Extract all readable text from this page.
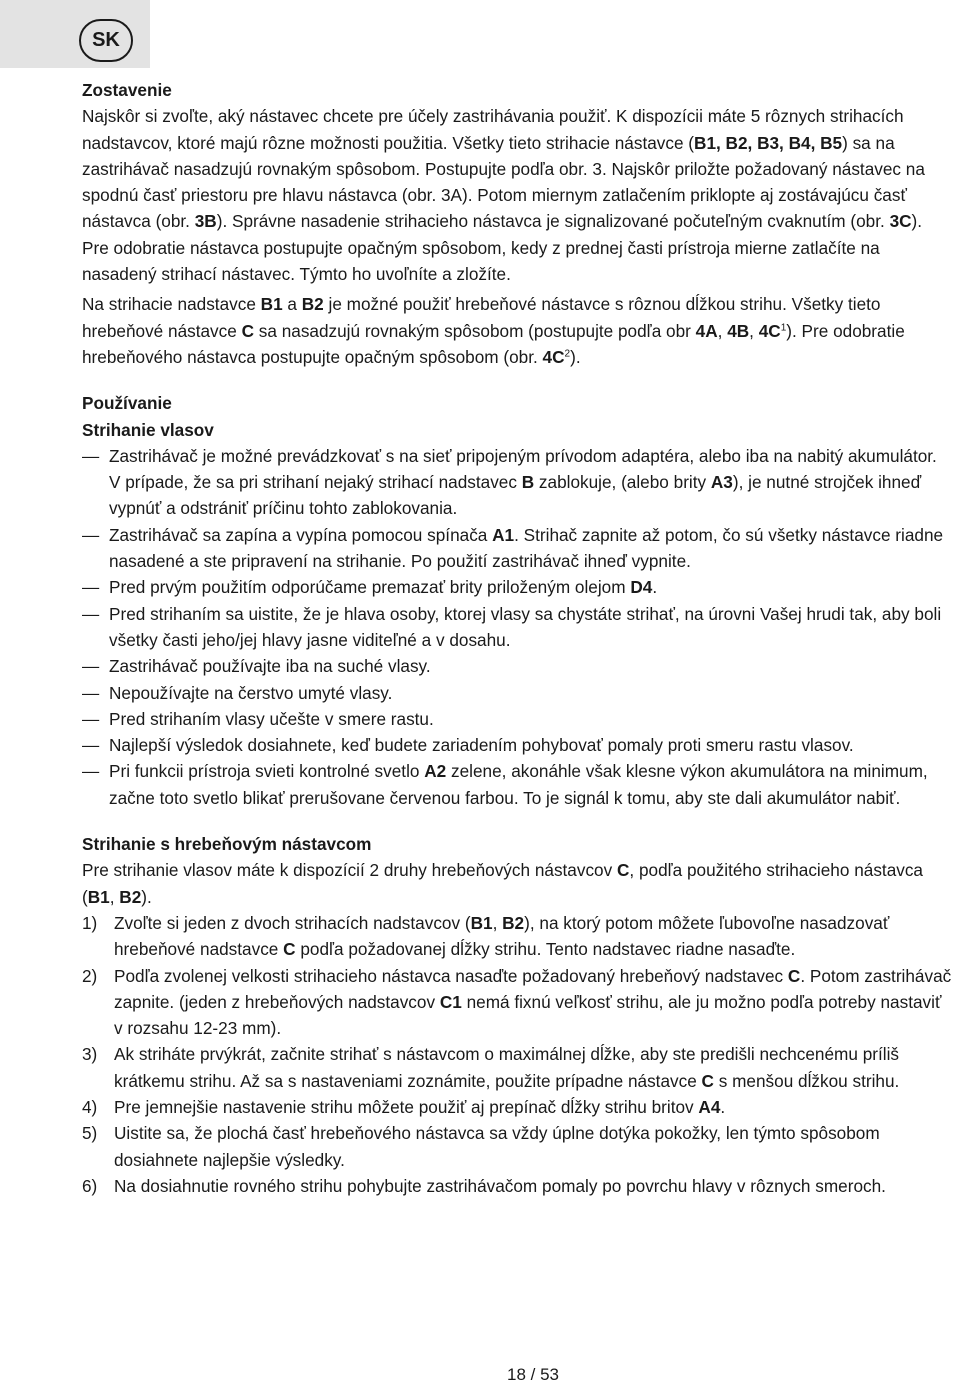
SK

Zostavenie

Najskôr si zvoľte, aký nástavec chcete pre účely zastrihávania použiť. K dispozícii máte 5 rôznych strihacích nadstavcov, ktoré majú rôzne možnosti použitia. Všetky tieto strihacie nástavce (B1, B2, B3, B4, B5) sa na zastrihávač nasadzujú rovnakým spôsobom. Postupujte podľa obr. 3. Najskôr priložte požadovaný nástavec na spodnú časť priestoru pre hlavu nástavca (obr. 3A). Potom miernym zatlačením priklopte aj zostávajúcu časť nástavca (obr. 3B). Správne nasadenie strihacieho nástavca je signalizované počuteľným cvaknutím (obr. 3C). Pre odobratie nástavca postupujte opačným spôsobom, kedy z prednej časti prístroja mierne zatlačíte na nasadený strihací nástavec. Týmto ho uvoľníte a zložíte.

Na strihacie nadstavce B1 a B2 je možné použiť hrebeňové nástavce s rôznou dĺžkou strihu. Všetky tieto hrebeňové nástavce C sa nasadzujú rovnakým spôsobom (postupujte podľa obr 4A, 4B, $4C^1$). Pre odobratie hrebeňového nástavca postupujte opačným spôsobom (obr. $4C^2$).

Používanie

Strihanie vlasov

— Zastrihávač je možné prevádzkovať s na sieť pripojeným prívodom adaptéra, alebo iba na nabitý akumulátor. V prípade, že sa pri strihaní nejaký strihací nadstavec B zablokuje, (alebo brity A3), je nutné strojček ihneď vypnúť a odstrániť príčinu tohto zablokovania.

— Zastrihávač sa zapína a vypína pomocou spínača A1. Strihač zapnite až potom, čo sú všetky nástavce riadne nasadené a ste pripravení na strihanie. Po použití zastrihávač ihneď vypnite.

— Pred prvým použitím odporúčame premazať brity priloženým olejom D4.

— Pred strihaním sa uistite, že je hlava osoby, ktorej vlasy sa chystáte strihať, na úrovni Vašej hrudi tak, aby boli všetky časti jeho/jej hlavy jasne viditeľné a v dosahu.

— Zastrihávač používajte iba na suché vlasy.

— Nepoužívajte na čerstvo umyté vlasy.

— Pred strihaním vlasy učešte v smere rastu.

— Najlepší výsledok dosiahnete, keď budete zariadením pohybovať pomaly proti smeru rastu vlasov.

— Pri funkcii prístroja svieti kontrolné svetlo A2 zelene, akonáhle však klesne výkon akumulátora na minimum, začne toto svetlo blikať prerušovane červenou farbou. To je signál k tomu, aby ste dali akumulátor nabiť.

Strihanie s hrebeňovým nástavcom

Pre strihanie vlasov máte k dispozícií 2 druhy hrebeňových nástavcov C, podľa použitého strihacieho nástavca (B1, B2).

1) Zvoľte si jeden z dvoch strihacích nadstavcov (B1, B2), na ktorý potom môžete ľubovoľne nasadzovať hrebeňové nadstavce C podľa požadovanej dĺžky strihu. Tento nadstavec riadne nasaďte.

2) Podľa zvolenej velkosti strihacieho nástavca nasaďte požadovaný hrebeňový nadstavec C. Potom zastrihávač zapnite. (jeden z hrebeňových nadstavcov C1 nemá fixnú veľkosť strihu, ale ju možno podľa potreby nastaviť v rozsahu 12-23 mm).

3) Ak striháte prvýkrát, začnite strihať s nástavcom o maximálnej dĺžke, aby ste predišli nechcenému príliš krátkemu strihu. Až sa s nastaveniami zoznámite, použite prípadne nástavce C s menšou dĺžkou strihu.

4) Pre jemnejšie nastavenie strihu môžete použiť aj prepínač dĺžky strihu britov A4.

5) Uistite sa, že plochá časť hrebeňového nástavca sa vždy úplne dotýka pokožky, len týmto spôsobom dosiahnete najlepšie výsledky.

6) Na dosiahnutie rovného strihu pohybujte zastrihávačom pomaly po povrchu hlavy v rôznych smeroch.

18 / 53
